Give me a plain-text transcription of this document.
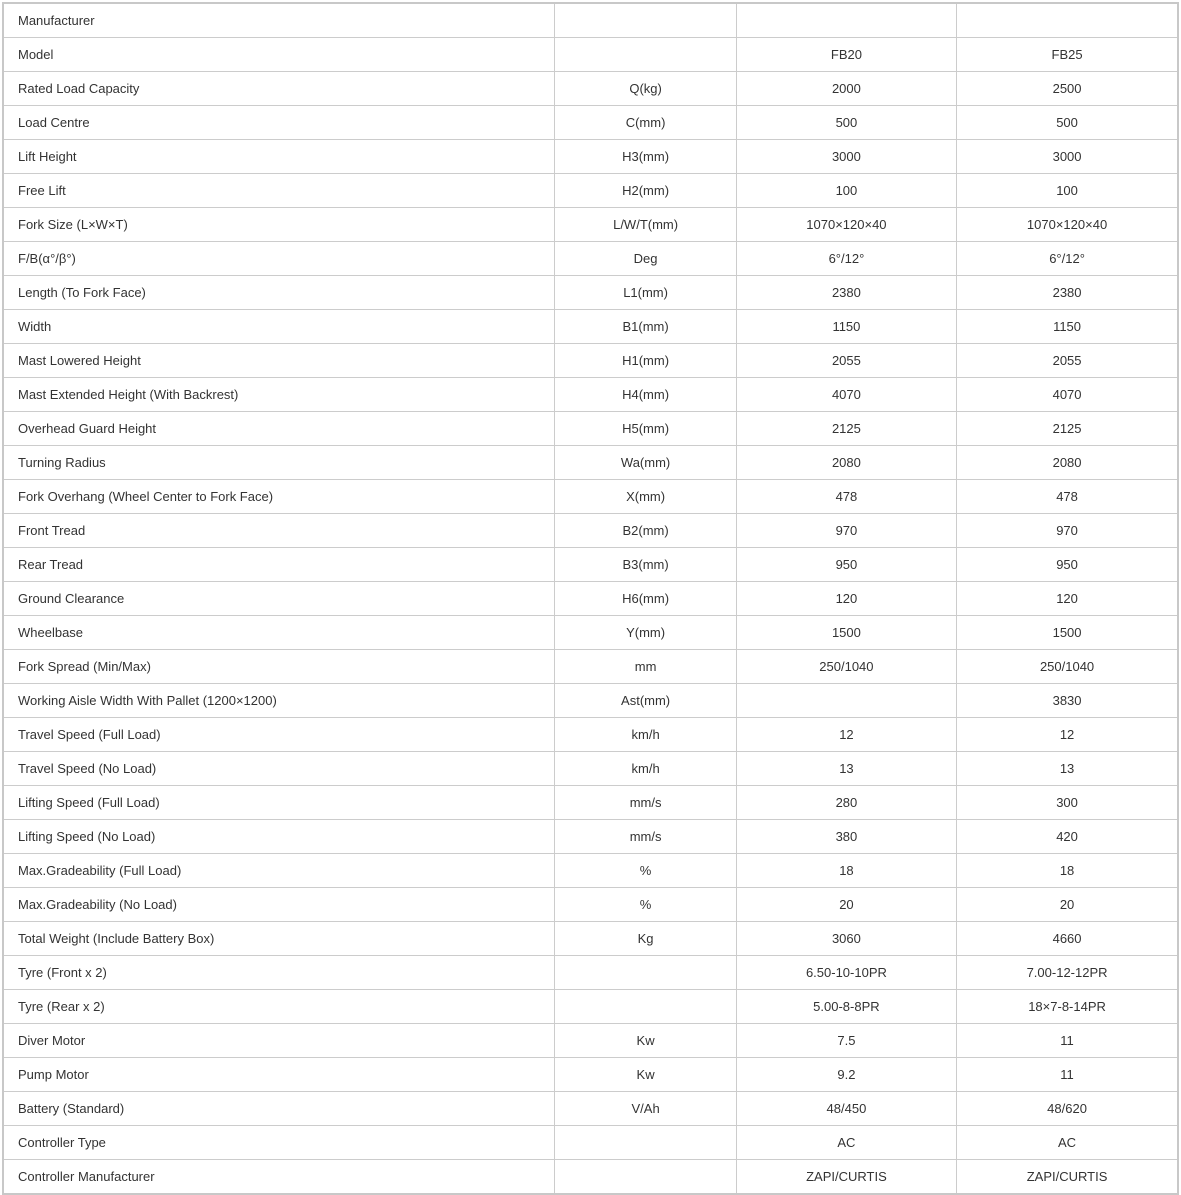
Manufacturer			
Model		FB20	FB25
Rated Load Capacity	Q(kg)	2000	2500
Load Centre	C(mm)	500	500
Lift Height	H3(mm)	3000	3000
Free Lift	H2(mm)	100	100
Fork Size (L×W×T)	L/W/T(mm)	1070×120×40	1070×120×40
F/B(α°/β°)	Deg	6°/12°	6°/12°
Length (To Fork Face)	L1(mm)	2380	2380
Width	B1(mm)	1150	1150
Mast Lowered Height	H1(mm)	2055	2055
Mast Extended Height (With Backrest)	H4(mm)	4070	4070
Overhead Guard Height	H5(mm)	2125	2125
Turning Radius	Wa(mm)	2080	2080
Fork Overhang (Wheel Center to Fork Face)	X(mm)	478	478
Front Tread	B2(mm)	970	970
Rear Tread	B3(mm)	950	950
Ground Clearance	H6(mm)	120	120
Wheelbase	Y(mm)	1500	1500
Fork Spread (Min/Max)	mm	250/1040	250/1040
Working Aisle Width With Pallet (1200×1200)	Ast(mm)		3830
Travel Speed (Full Load)	km/h	12	12
Travel Speed (No Load)	km/h	13	13
Lifting Speed (Full Load)	mm/s	280	300
Lifting Speed (No Load)	mm/s	380	420
Max.Gradeability (Full Load)	%	18	18
Max.Gradeability (No Load)	%	20	20
Total Weight (Include Battery Box)	Kg	3060	4660
Tyre (Front x 2)		6.50-10-10PR	7.00-12-12PR
Tyre (Rear x 2)		5.00-8-8PR	18×7-8-14PR
Diver Motor	Kw	7.5	11
Pump Motor	Kw	9.2	11
Battery (Standard)	V/Ah	48/450	48/620
Controller Type		AC	AC
Controller Manufacturer		ZAPI/CURTIS	ZAPI/CURTIS
